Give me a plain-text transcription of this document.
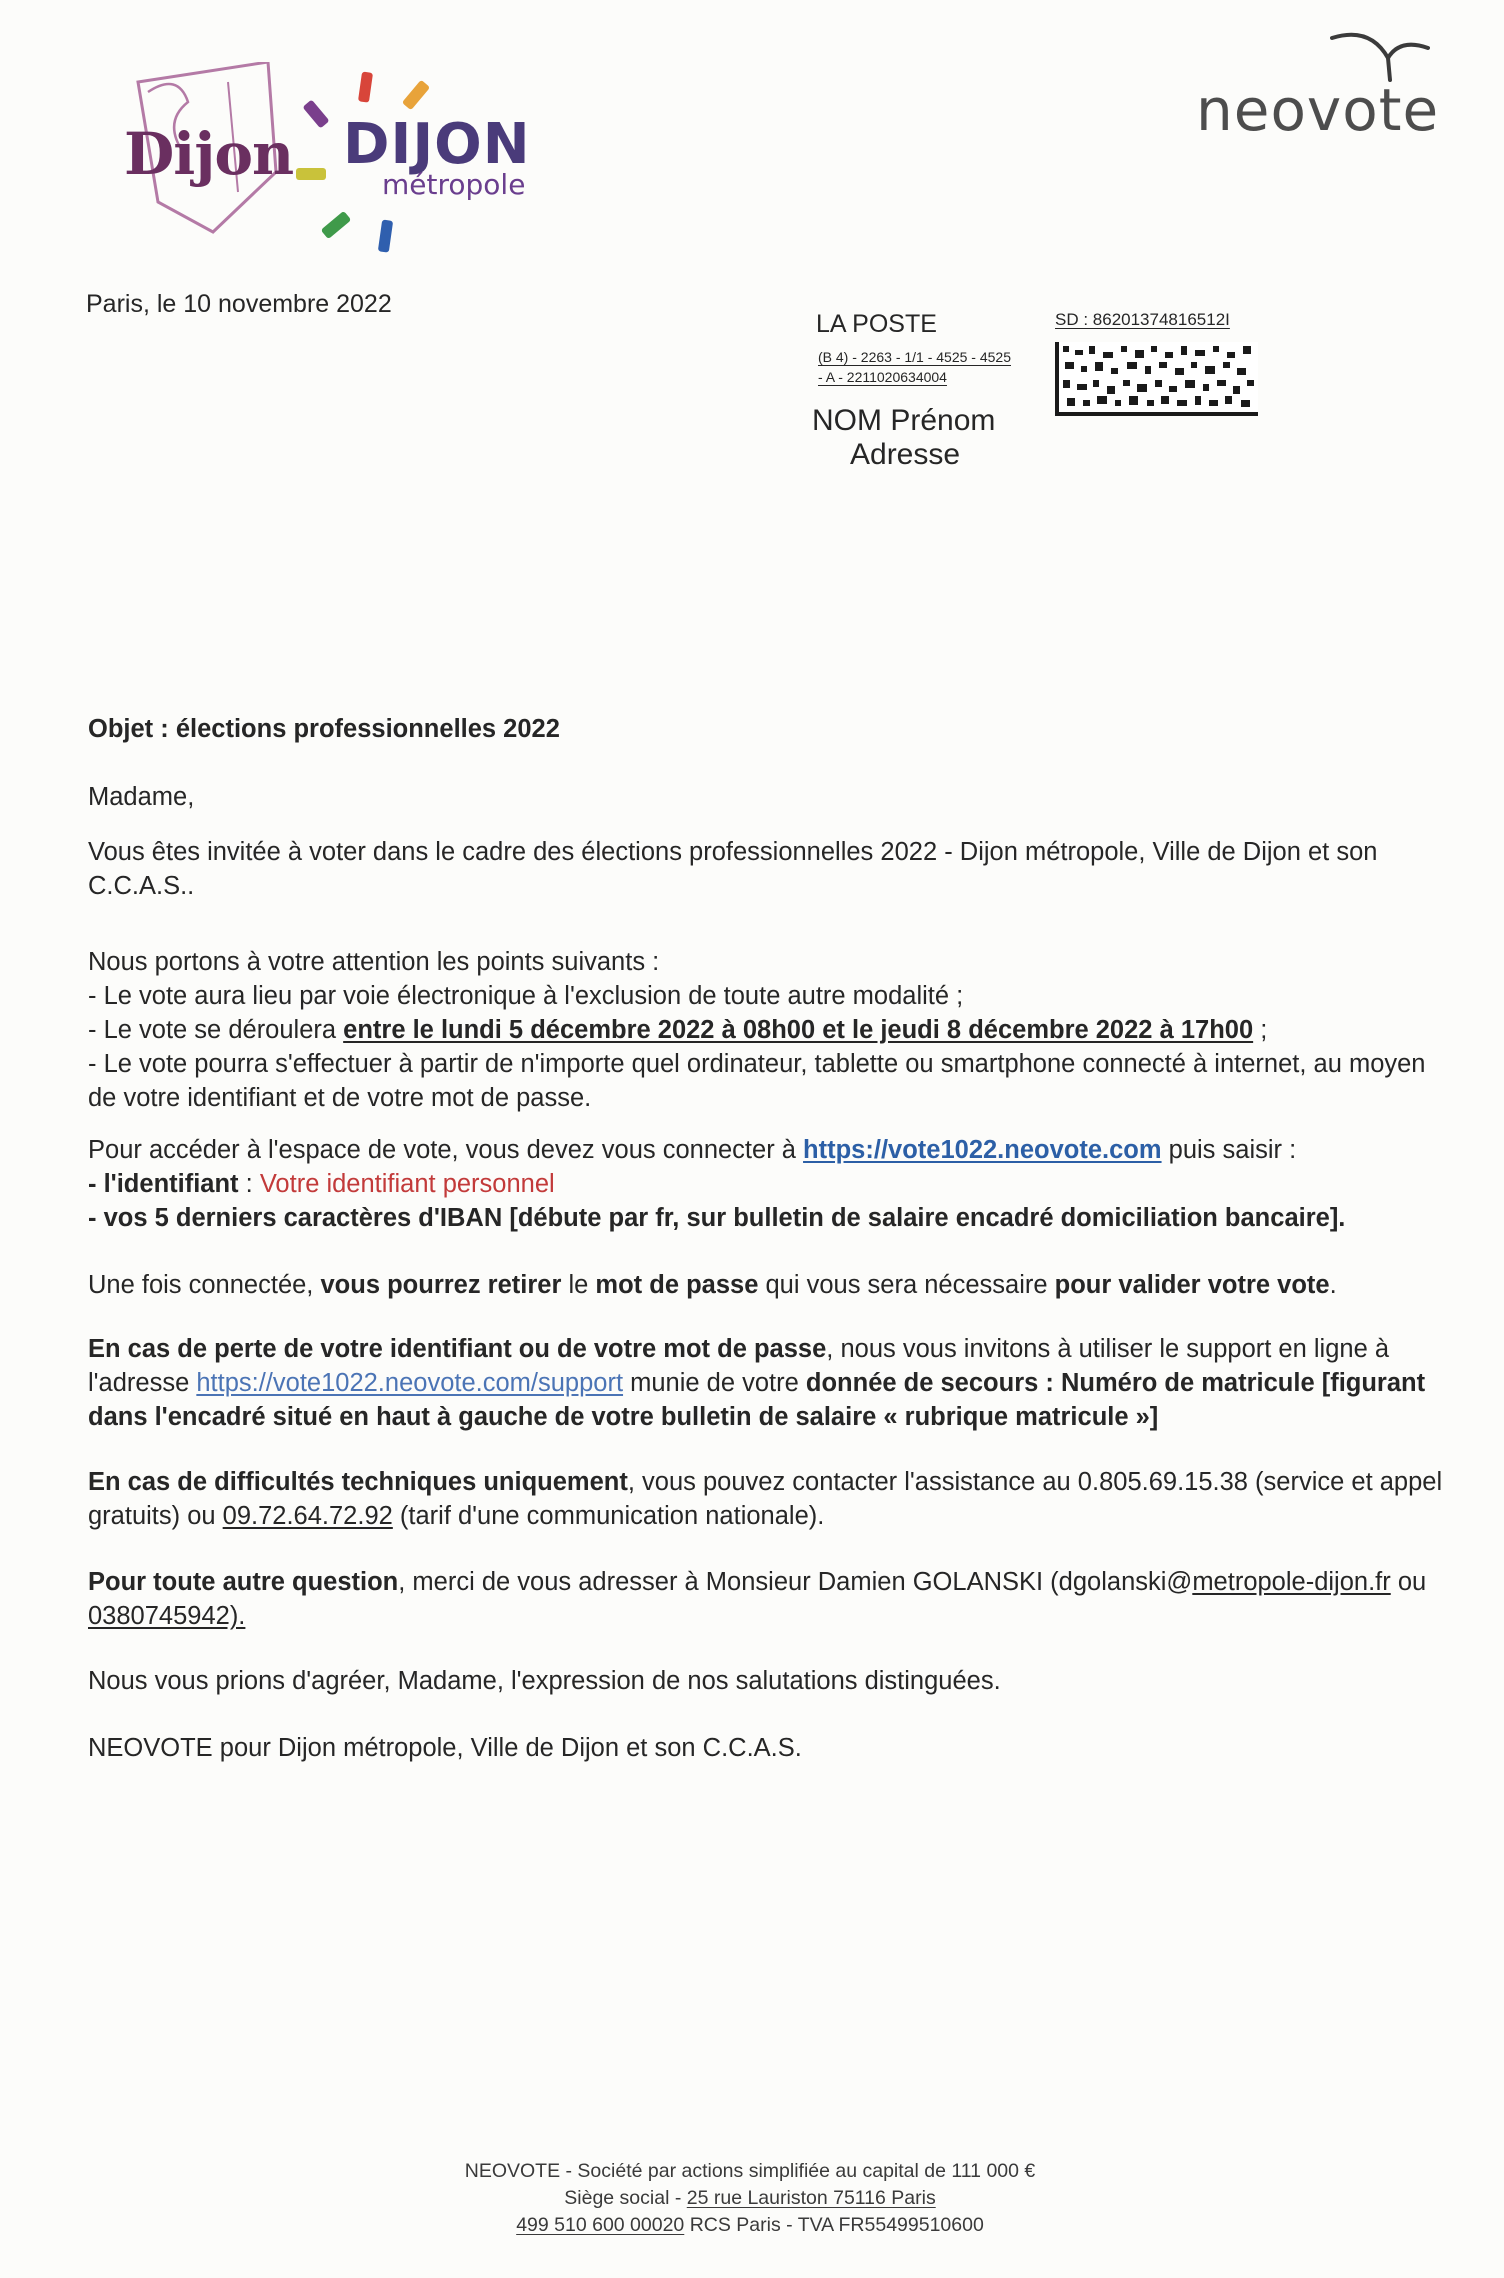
Dijon DIJON
métropole
neovote
Paris, le 10 novembre 2022
LA POSTE
(B 4) - 2263 - 1/1 - 4525 - 4525
- A - 2211020634004
SD : 86201374816512I
NOM Prénom
Adresse
Objet : élections professionnelles 2022
Madame,
Vous êtes invitée à voter dans le cadre des élections professionnelles 2022 - Dijon métropole, Ville de Dijon et son C.C.A.S..
Nous portons à votre attention les points suivants :
- Le vote aura lieu par voie électronique à l'exclusion de toute autre modalité ;
- Le vote se déroulera entre le lundi 5 décembre 2022 à 08h00 et le jeudi 8 décembre 2022 à 17h00 ;
- Le vote pourra s'effectuer à partir de n'importe quel ordinateur, tablette ou smartphone connecté à internet, au moyen de votre identifiant et de votre mot de passe.
Pour accéder à l'espace de vote, vous devez vous connecter à https://vote1022.neovote.com puis saisir :
- l'identifiant : Votre identifiant personnel
- vos 5 derniers caractères d'IBAN [débute par fr, sur bulletin de salaire encadré domiciliation bancaire].
Une fois connectée, vous pourrez retirer le mot de passe qui vous sera nécessaire pour valider votre vote.
En cas de perte de votre identifiant ou de votre mot de passe, nous vous invitons à utiliser le support en ligne à l'adresse https://vote1022.neovote.com/support munie de votre donnée de secours : Numéro de matricule [figurant dans l'encadré situé en haut à gauche de votre bulletin de salaire « rubrique matricule »]
En cas de difficultés techniques uniquement, vous pouvez contacter l'assistance au 0.805.69.15.38 (service et appel gratuits) ou 09.72.64.72.92 (tarif d'une communication nationale).
Pour toute autre question, merci de vous adresser à Monsieur Damien GOLANSKI (dgolanski@metropole-dijon.fr ou 0380745942).
Nous vous prions d'agréer, Madame, l'expression de nos salutations distinguées.
NEOVOTE pour Dijon métropole, Ville de Dijon et son C.C.A.S.
NEOVOTE - Société par actions simplifiée au capital de 111 000 €
Siège social - 25 rue Lauriston 75116 Paris
499 510 600 00020 RCS Paris - TVA FR55499510600
